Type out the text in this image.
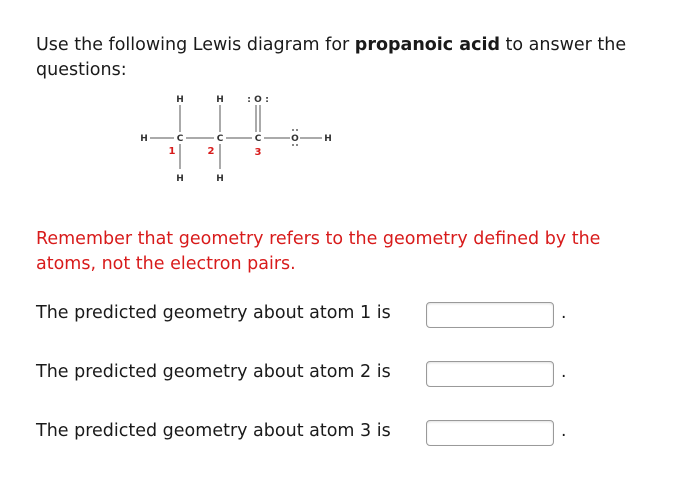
Use the following Lewis diagram for propanoic acid to answer the questions:

H	C	C	C	O	H
H	H	O
: :
H	H
1	2	3

Remember that geometry refers to the geometry defined by the atoms, not the electron pairs.

The predicted geometry about atom 1 is	.

The predicted geometry about atom 2 is	.

The predicted geometry about atom 3 is	.
